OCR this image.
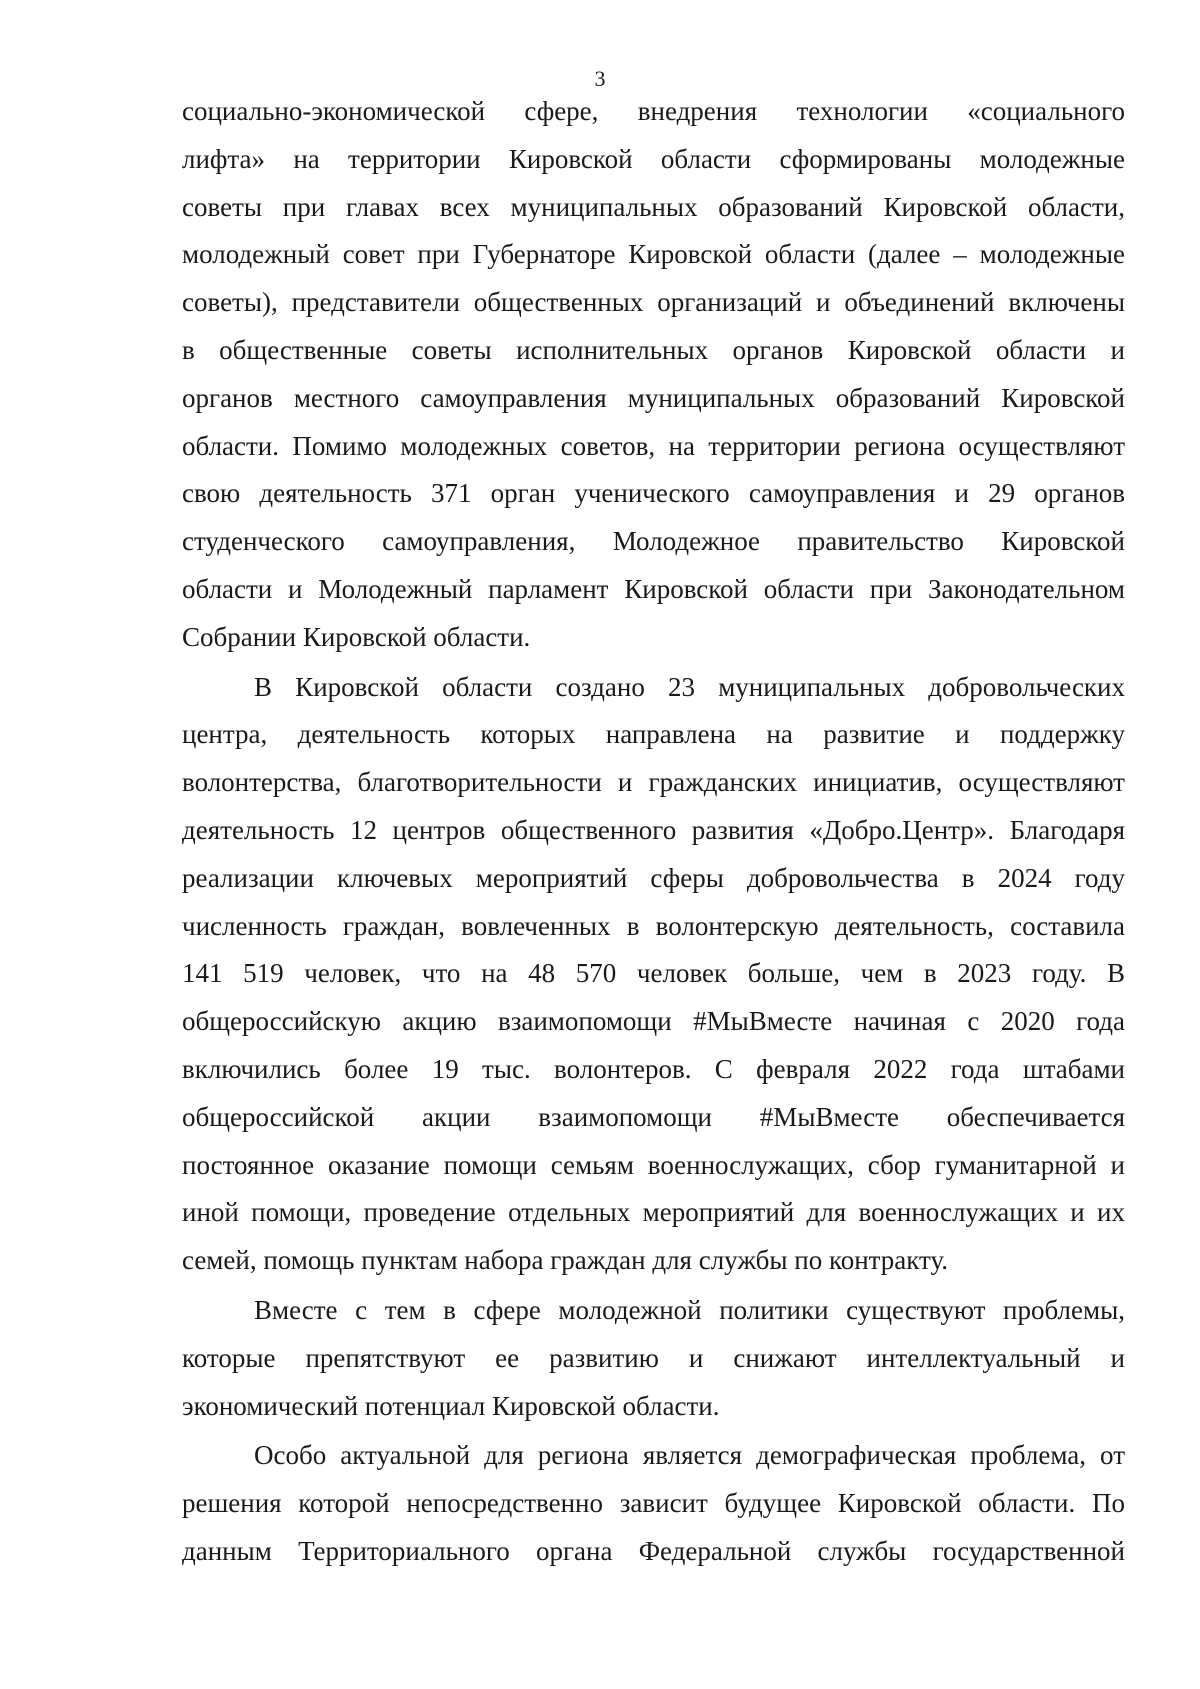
3

социально-экономической сфере, внедрения технологии «социального
лифта» на территории Кировской области сформированы молодежные
советы при главах всех муниципальных образований Кировской области,
молодежный совет при Губернаторе Кировской области (далее – молодежные
советы), представители общественных организаций и объединений включены
в общественные советы исполнительных органов Кировской области и
органов местного самоуправления муниципальных образований Кировской
области. Помимо молодежных советов, на территории региона осуществляют
свою деятельность 371 орган ученического самоуправления и 29 органов
студенческого самоуправления, Молодежное правительство Кировской
области и Молодежный парламент Кировской области при Законодательном
Собрании Кировской области.

В Кировской области создано 23 муниципальных добровольческих
центра, деятельность которых направлена на развитие и поддержку
волонтерства, благотворительности и гражданских инициатив, осуществляют
деятельность 12 центров общественного развития «Добро.Центр». Благодаря
реализации ключевых мероприятий сферы добровольчества в 2024 году
численность граждан, вовлеченных в волонтерскую деятельность, составила
141 519 человек, что на 48 570 человек больше, чем в 2023 году. В
общероссийскую акцию взаимопомощи #МыВместе начиная с 2020 года
включились более 19 тыс. волонтеров. С февраля 2022 года штабами
общероссийской акции взаимопомощи #МыВместе обеспечивается
постоянное оказание помощи семьям военнослужащих, сбор гуманитарной и
иной помощи, проведение отдельных мероприятий для военнослужащих и их
семей, помощь пунктам набора граждан для службы по контракту.

Вместе с тем в сфере молодежной политики существуют проблемы,
которые препятствуют ее развитию и снижают интеллектуальный и
экономический потенциал Кировской области.

Особо актуальной для региона является демографическая проблема, от
решения которой непосредственно зависит будущее Кировской области. По
данным Территориального органа Федеральной службы государственной
